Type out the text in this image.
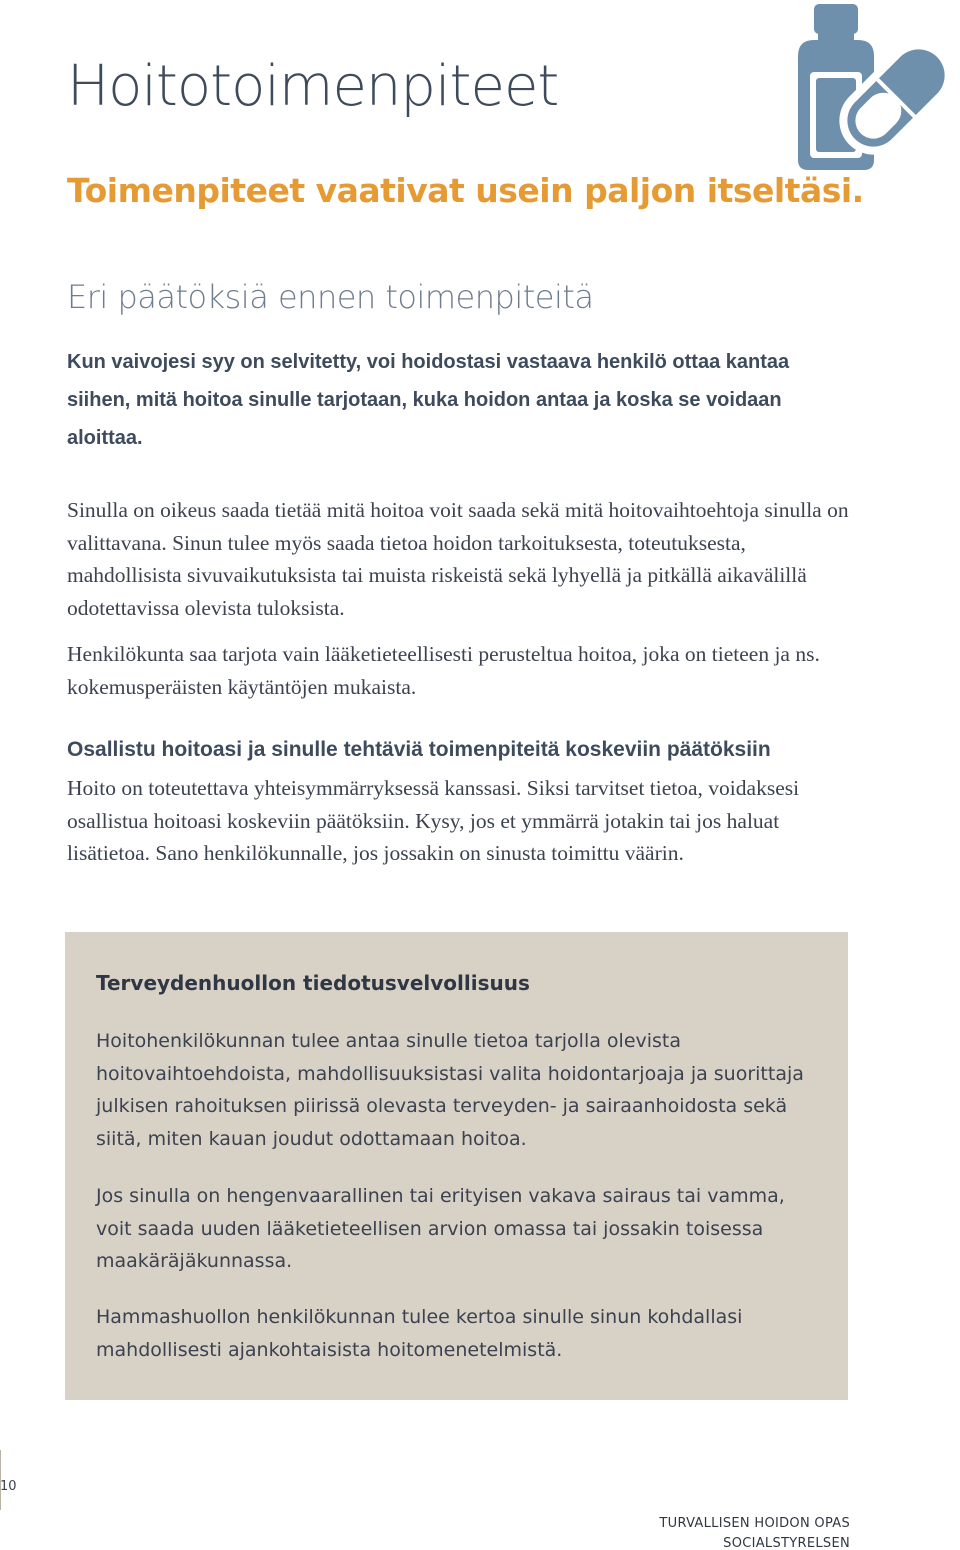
Hoitotoimenpiteet
Toimenpiteet vaativat usein paljon itseltäsi.
Eri päätöksiä ennen toimenpiteitä

Kun vaivojesi syy on selvitetty, voi hoidostasi vastaava henkilö ottaa kantaa siihen, mitä hoitoa sinulle tarjotaan, kuka hoidon antaa ja koska se voidaan aloittaa.

Sinulla on oikeus saada tietää mitä hoitoa voit saada sekä mitä hoitovaihtoehtoja sinulla on valittavana. Sinun tulee myös saada tietoa hoidon tarkoituksesta, toteutuksesta, mahdollisista sivuvaikutuksista tai muista riskeistä sekä lyhyellä ja pitkällä aikavälillä odotettavissa olevista tuloksista.

Henkilökunta saa tarjota vain lääketieteellisesti perusteltua hoitoa, joka on tieteen ja ns. kokemusperäisten käytäntöjen mukaista.

Osallistu hoitoasi ja sinulle tehtäviä toimenpiteitä koskeviin päätöksiin

Hoito on toteutettava yhteisymmärryksessä kanssasi. Siksi tarvitset tietoa, voidaksesi osallistua hoitoasi koskeviin päätöksiin. Kysy, jos et ymmärrä jotakin tai jos haluat lisätietoa. Sano henkilökunnalle, jos jossakin on sinusta toimittu väärin.

Terveydenhuollon tiedotusvelvollisuus

Hoitohenkilökunnan tulee antaa sinulle tietoa tarjolla olevista hoitovaihtoehdoista, mahdollisuuksistasi valita hoidontarjoaja ja suorittaja julkisen rahoituksen piirissä olevasta terveyden- ja sairaanhoidosta sekä siitä, miten kauan joudut odottamaan hoitoa.

Jos sinulla on hengenvaarallinen tai erityisen vakava sairaus tai vamma, voit saada uuden lääketieteellisen arvion omassa tai jossakin toisessa maakäräjäkunnassa.

Hammashuollon henkilökunnan tulee kertoa sinulle sinun kohdallasi mahdollisesti ajankohtaisista hoitomenetelmistä.

10
TURVALLISEN HOIDON OPAS
SOCIALSTYRELSEN
